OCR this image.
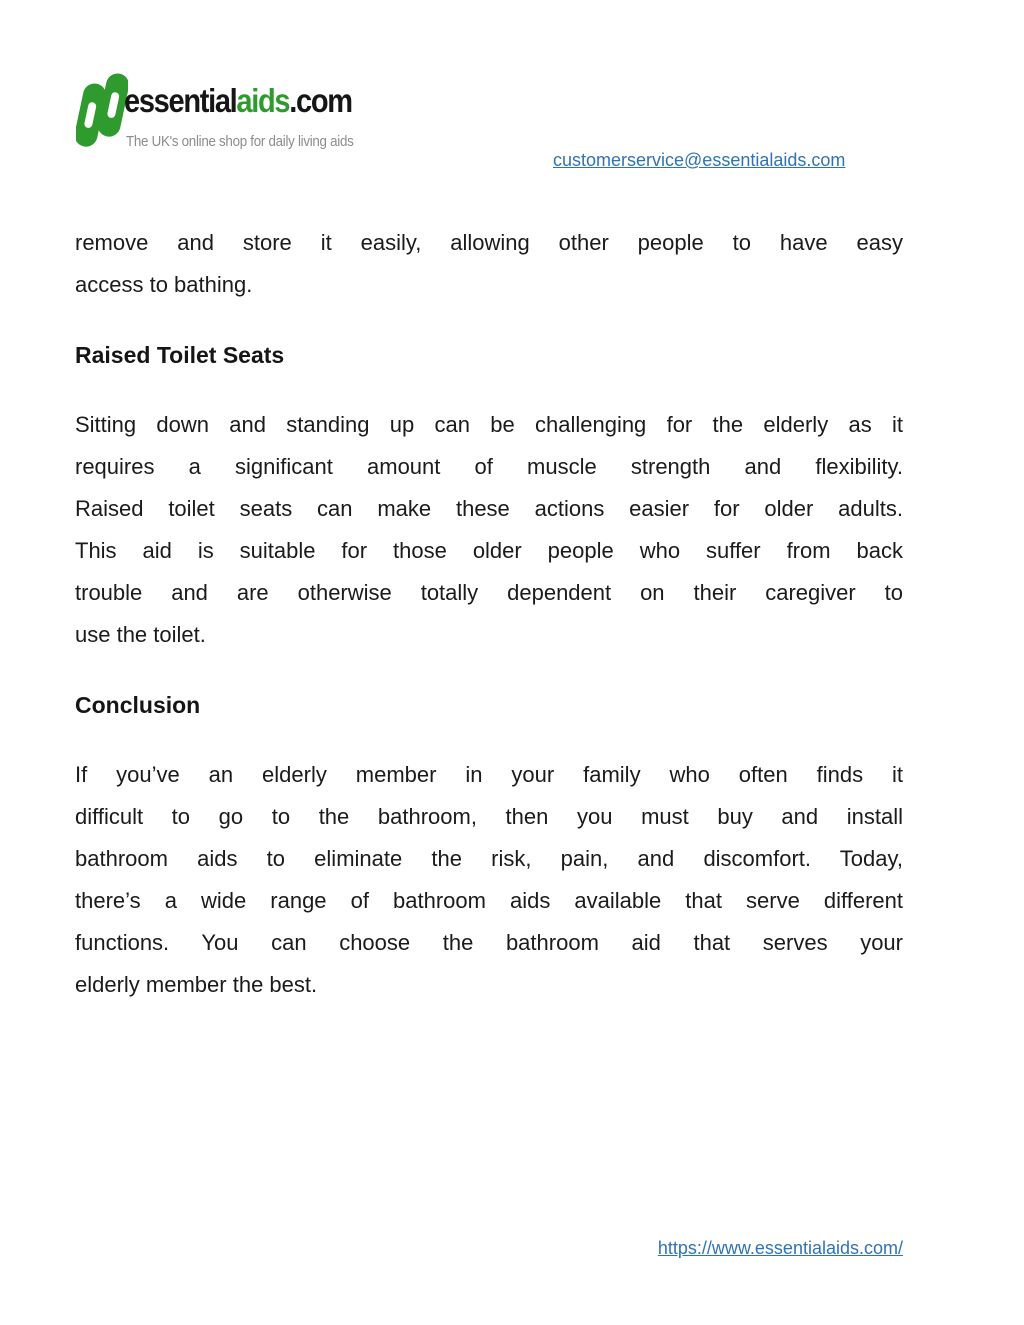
essentialaids.com
The UK's online shop for daily living aids
customerservice@essentialaids.com
remove and store it easily, allowing other people to have easy
access to bathing.
Raised Toilet Seats
Sitting down and standing up can be challenging for the elderly as it
requires a significant amount of muscle strength and flexibility.
Raised toilet seats can make these actions easier for older adults.
This aid is suitable for those older people who suffer from back
trouble and are otherwise totally dependent on their caregiver to
use the toilet.
Conclusion
If you’ve an elderly member in your family who often finds it
difficult to go to the bathroom, then you must buy and install
bathroom aids to eliminate the risk, pain, and discomfort. Today,
there’s a wide range of bathroom aids available that serve different
functions. You can choose the bathroom aid that serves your
elderly member the best.
https://www.essentialaids.com/
